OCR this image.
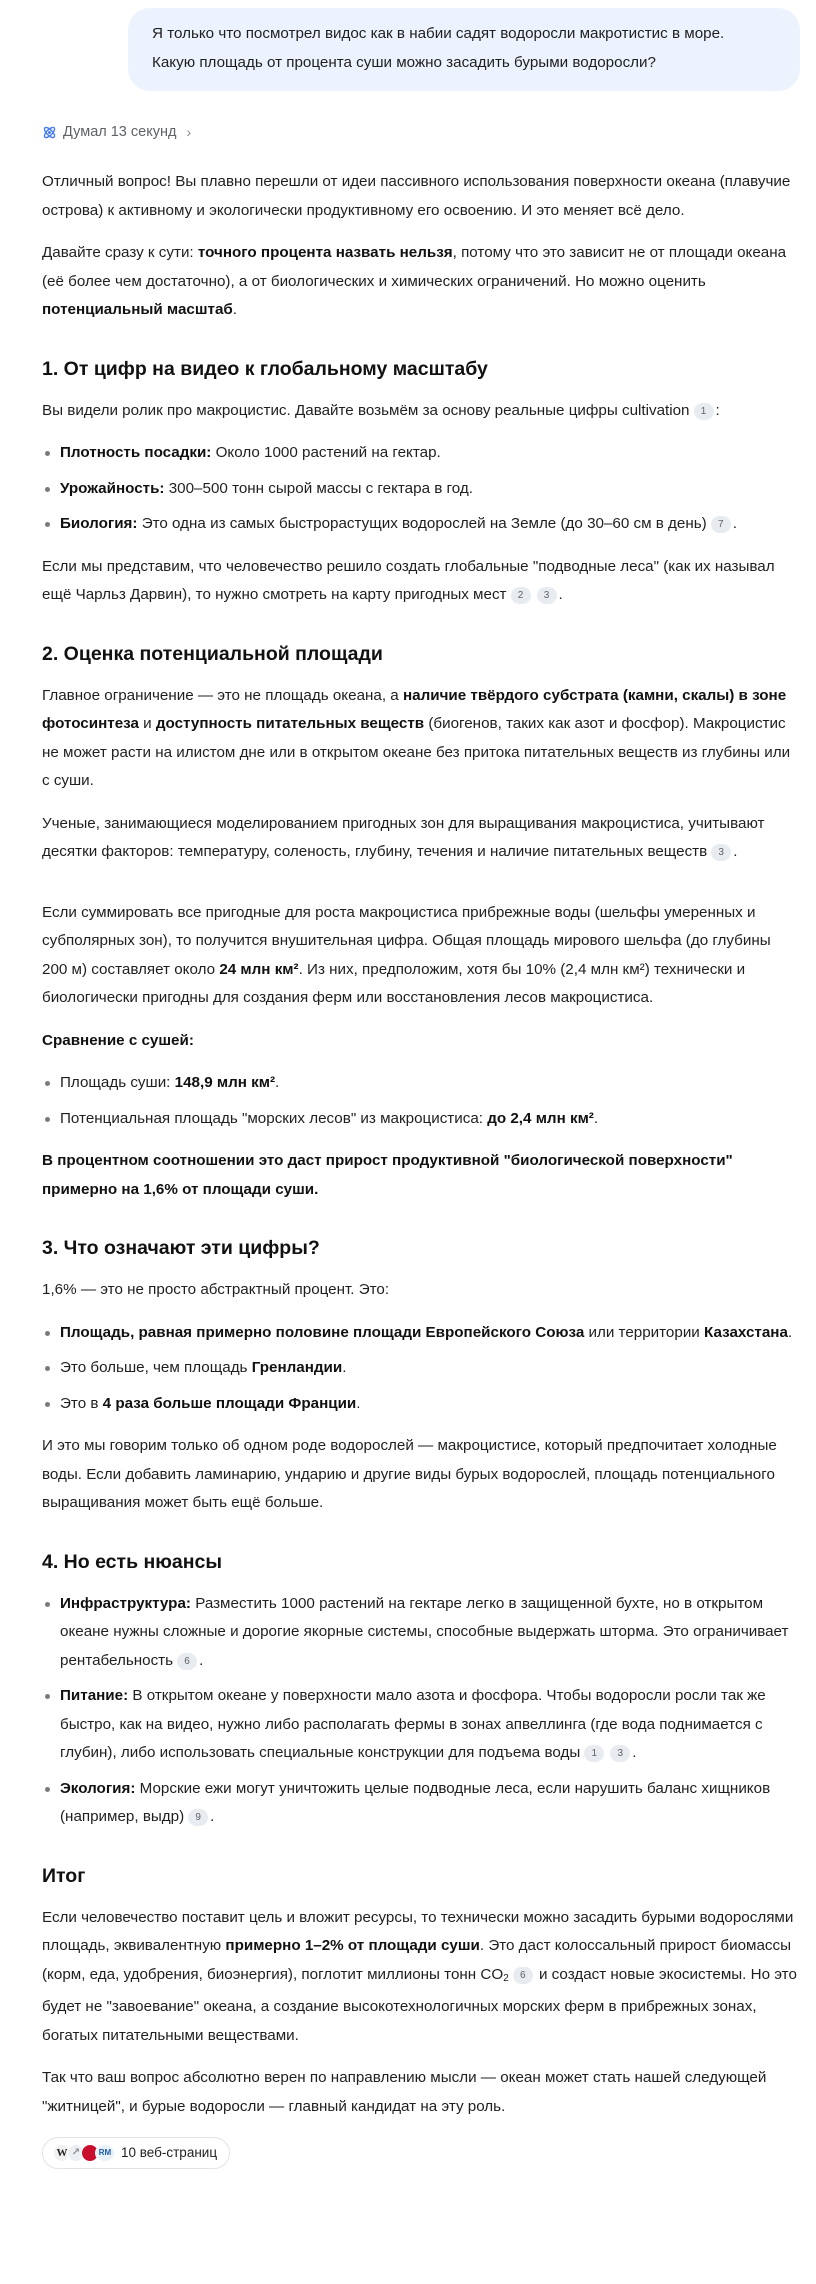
Я только что посмотрел видос как в набии садят водоросли макротистис в море.
Какую площадь от процента суши можно засадить бурыми водоросли?
Думал 13 секунд ›

Отличный вопрос! Вы плавно перешли от идеи пассивного использования поверхности океана (плавучие острова) к активному и экологически продуктивному его освоению. И это меняет всё дело.

Давайте сразу к сути: точного процента назвать нельзя, потому что это зависит не от площади океана (её более чем достаточно), а от биологических и химических ограничений. Но можно оценить потенциальный масштаб.

1. От цифр на видео к глобальному масштабу

Вы видели ролик про макроцистис. Давайте возьмём за основу реальные цифры cultivation 1 :

Плотность посадки: Около 1000 растений на гектар.
Урожайность: 300–500 тонн сырой массы с гектара в год.
Биология: Это одна из самых быстрорастущих водорослей на Земле (до 30–60 см в день) 7 .

Если мы представим, что человечество решило создать глобальные "подводные леса" (как их называл ещё Чарльз Дарвин), то нужно смотреть на карту пригодных мест 2 3 .

2. Оценка потенциальной площади

Главное ограничение — это не площадь океана, а наличие твёрдого субстрата (камни, скалы) в зоне фотосинтеза и доступность питательных веществ (биогенов, таких как азот и фосфор). Макроцистис не может расти на илистом дне или в открытом океане без притока питательных веществ из глубины или с суши.

Ученые, занимающиеся моделированием пригодных зон для выращивания макроцистиса, учитывают десятки факторов: температуру, соленость, глубину, течения и наличие питательных веществ 3 .

Если суммировать все пригодные для роста макроцистиса прибрежные воды (шельфы умеренных и субполярных зон), то получится внушительная цифра. Общая площадь мирового шельфа (до глубины 200 м) составляет около 24 млн км². Из них, предположим, хотя бы 10% (2,4 млн км²) технически и биологически пригодны для создания ферм или восстановления лесов макроцистиса.

Сравнение с сушей:

Площадь суши: 148,9 млн км².
Потенциальная площадь "морских лесов" из макроцистиса: до 2,4 млн км².

В процентном соотношении это даст прирост продуктивной "биологической поверхности" примерно на 1,6% от площади суши.

3. Что означают эти цифры?

1,6% — это не просто абстрактный процент. Это:

Площадь, равная примерно половине площади Европейского Союза или территории Казахстана.
Это больше, чем площадь Гренландии.
Это в 4 раза больше площади Франции.

И это мы говорим только об одном роде водорослей — макроцистисе, который предпочитает холодные воды. Если добавить ламинарию, ундарию и другие виды бурых водорослей, площадь потенциального выращивания может быть ещё больше.

4. Но есть нюансы
Инфраструктура: Разместить 1000 растений на гектаре легко в защищенной бухте, но в открытом океане нужны сложные и дорогие якорные системы, способные выдержать шторма. Это ограничивает рентабельность 6 .
Питание: В открытом океане у поверхности мало азота и фосфора. Чтобы водоросли росли так же быстро, как на видео, нужно либо располагать фермы в зонах апвеллинга (где вода поднимается с глубин), либо использовать специальные конструкции для подъема воды 1 3 .
Экология: Морские ежи могут уничтожить целые подводные леса, если нарушить баланс хищников (например, выдр) 9 .
Итог

Если человечество поставит цель и вложит ресурсы, то технически можно засадить бурыми водорослями площадь, эквивалентную примерно 1–2% от площади суши. Это даст колоссальный прирост биомассы (корм, еда, удобрения, биоэнергия), поглотит миллионы тонн $CO_2$ 6 и создаст новые экосистемы. Но это будет не "завоевание" океана, а создание высокотехнологичных морских ферм в прибрежных зонах, богатых питательными веществами.

Так что ваш вопрос абсолютно верен по направлению мысли — океан может стать нашей следующей "житницей", и бурые водоросли — главный кандидат на эту роль.

W ↗	RM 10 веб-страниц
